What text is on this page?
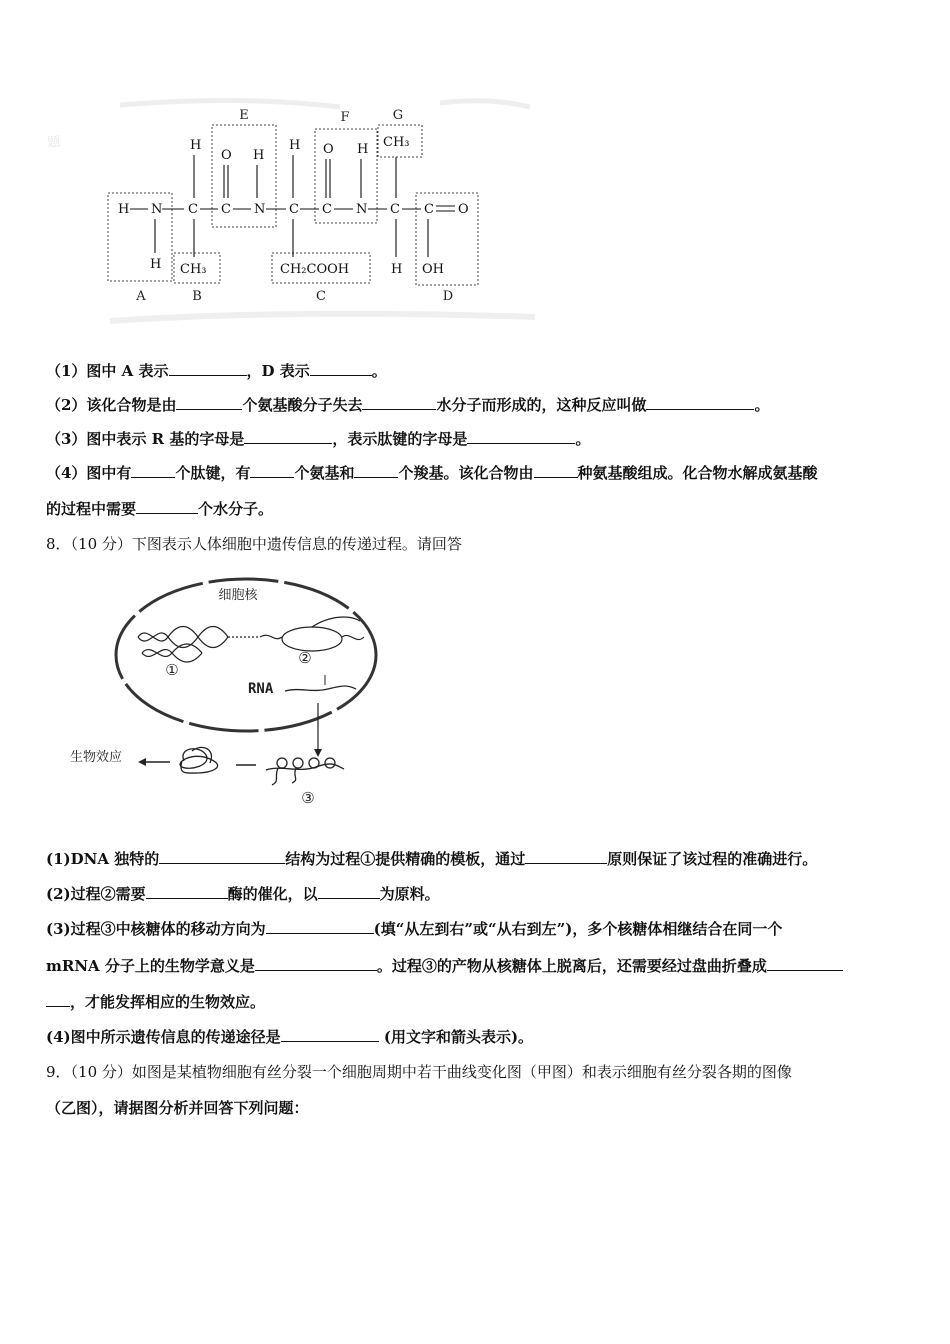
题
A	B	C	D
E	F	G
H N C C N C C N C C O
H
O H
H O H CH₃
H CH₃	CH₂COOH	H OH
（1）图中 A 表示	，D 表示	。
（2）该化合物是由	个氨基酸分子失去	水分子而形成的，这种反应叫做	。
（3）图中表示 R 基的字母是	，表示肽键的字母是	。
（4）图中有	个肽键，有	个氨基和	个羧基。该化合物由	种氨基酸组成。化合物水解成氨基酸
的过程中需要	个水分子。
8．（10 分）下图表示人体细胞中遗传信息的传递过程。请回答
细胞核
①
②
RNA
③
生物效应
(1)DNA 独特的	结构为过程①提供精确的模板，通过	原则保证了该过程的准确进行。
(2)过程②需要	酶的催化，以	为原料。
(3)过程③中核糖体的移动方向为	(填“从左到右”或“从右到左”)，多个核糖体相继结合在同一个
mRNA 分子上的生物学意义是	。过程③的产物从核糖体上脱离后，还需要经过盘曲折叠成
，才能发挥相应的生物效应。
(4)图中所示遗传信息的传递途径是	(用文字和箭头表示)。
9．（10 分）如图是某植物细胞有丝分裂一个细胞周期中若干曲线变化图（甲图）和表示细胞有丝分裂各期的图像
（乙图），请据图分析并回答下列问题：
